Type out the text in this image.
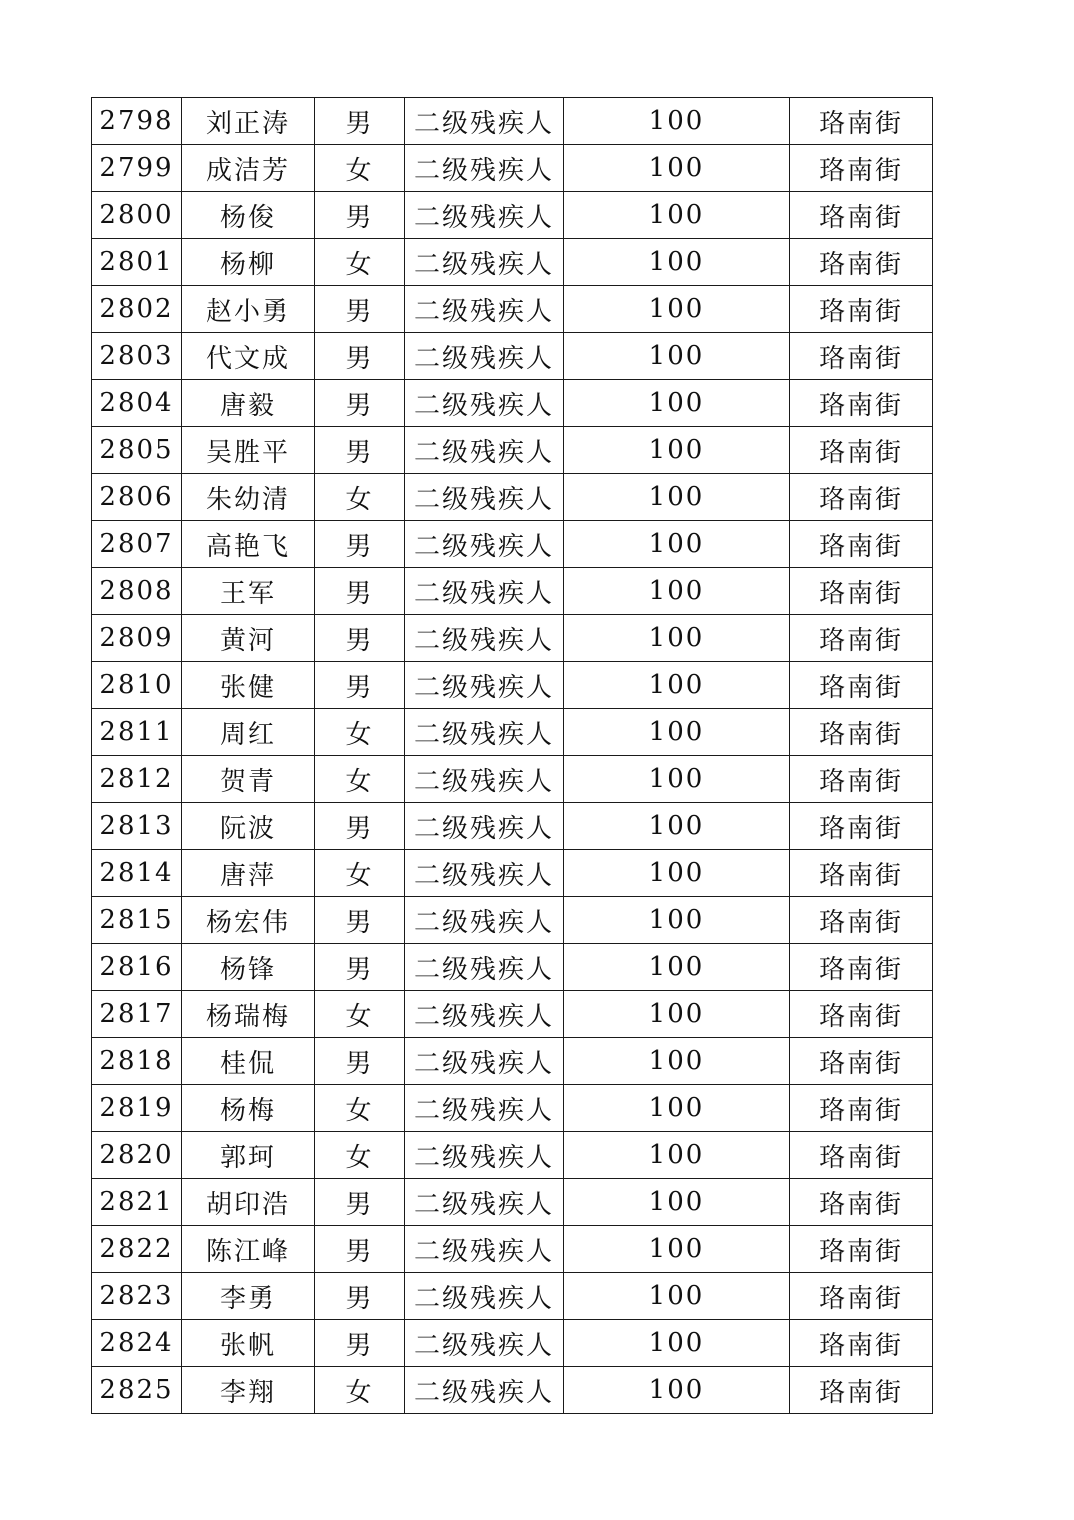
2798	刘正涛	男	二级残疾人	100	珞南街
2799	成洁芳	女	二级残疾人	100	珞南街
2800	杨俊	男	二级残疾人	100	珞南街
2801	杨柳	女	二级残疾人	100	珞南街
2802	赵小勇	男	二级残疾人	100	珞南街
2803	代文成	男	二级残疾人	100	珞南街
2804	唐毅	男	二级残疾人	100	珞南街
2805	吴胜平	男	二级残疾人	100	珞南街
2806	朱幼清	女	二级残疾人	100	珞南街
2807	高艳飞	男	二级残疾人	100	珞南街
2808	王军	男	二级残疾人	100	珞南街
2809	黄河	男	二级残疾人	100	珞南街
2810	张健	男	二级残疾人	100	珞南街
2811	周红	女	二级残疾人	100	珞南街
2812	贺青	女	二级残疾人	100	珞南街
2813	阮波	男	二级残疾人	100	珞南街
2814	唐萍	女	二级残疾人	100	珞南街
2815	杨宏伟	男	二级残疾人	100	珞南街
2816	杨锋	男	二级残疾人	100	珞南街
2817	杨瑞梅	女	二级残疾人	100	珞南街
2818	桂侃	男	二级残疾人	100	珞南街
2819	杨梅	女	二级残疾人	100	珞南街
2820	郭珂	女	二级残疾人	100	珞南街
2821	胡印浩	男	二级残疾人	100	珞南街
2822	陈江峰	男	二级残疾人	100	珞南街
2823	李勇	男	二级残疾人	100	珞南街
2824	张帆	男	二级残疾人	100	珞南街
2825	李翔	女	二级残疾人	100	珞南街
